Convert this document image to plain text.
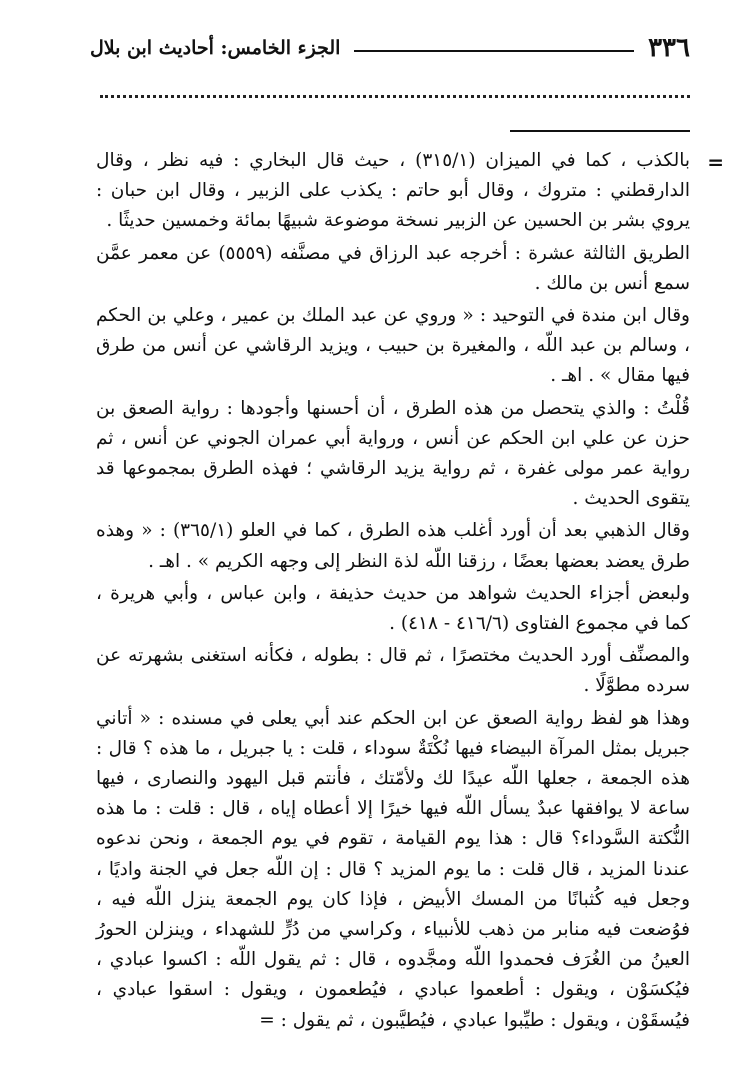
٣٣٦
الجزء الخامس: أحاديث ابن بلال
=

بالكذب ، كما في الميزان (٣١٥/١) ، حيث قال البخاري : فيه نظر ، وقال الدارقطني : متروك ، وقال أبو حاتم : يكذب على الزبير ، وقال ابن حبان : يروي بشر بن الحسين عن الزبير نسخة موضوعة شبيهًا بمائة وخمسين حديثًا .

الطريق الثالثة عشرة : أخرجه عبد الرزاق في مصنَّفه (٥٥٥٩) عن معمر عمَّن سمع أنس بن مالك .

وقال ابن مندة في التوحيد : « وروي عن عبد الملك بن عمير ، وعلي بن الحكم ، وسالم بن عبد اللّه ، والمغيرة بن حبيب ، ويزيد الرقاشي عن أنس من طرق فيها مقال » . اهـ .

قُلْتُ : والذي يتحصل من هذه الطرق ، أن أحسنها وأجودها : رواية الصعق بن حزن عن علي ابن الحكم عن أنس ، ورواية أبي عمران الجوني عن أنس ، ثم رواية عمر مولى غفرة ، ثم رواية يزيد الرقاشي ؛ فهذه الطرق بمجموعها قد يتقوى الحديث .

وقال الذهبي بعد أن أورد أغلب هذه الطرق ، كما في العلو (٣٦٥/١) : « وهذه طرق يعضد بعضها بعضًا ، رزقنا اللّه لذة النظر إلى وجهه الكريم » . اهـ .

ولبعض أجزاء الحديث شواهد من حديث حذيفة ، وابن عباس ، وأبي هريرة ، كما في مجموع الفتاوى (٤١٦/٦ - ٤١٨) .

والمصنِّف أورد الحديث مختصرًا ، ثم قال : بطوله ، فكأنه استغنى بشهرته عن سرده مطوَّلًا .

وهذا هو لفظ رواية الصعق عن ابن الحكم عند أبي يعلى في مسنده : « أتاني جبريل بمثل المرآة البيضاء فيها نُكْتَةٌ سوداء ، قلت : يا جبريل ، ما هذه ؟ قال : هذه الجمعة ، جعلها اللّه عيدًا لك ولأمّتك ، فأنتم قبل اليهود والنصارى ، فيها ساعة لا يوافقها عبدٌ يسأل اللّه فيها خيرًا إلا أعطاه إياه ، قال : قلت : ما هذه النُّكتة السَّوداء؟ قال : هذا يوم القيامة ، تقوم في يوم الجمعة ، ونحن ندعوه عندنا المزيد ، قال قلت : ما يوم المزيد ؟ قال : إن اللّه جعل في الجنة واديًا ، وجعل فيه كُثبانًا من المسك الأبيض ، فإذا كان يوم الجمعة ينزل اللّه فيه ، فوُضعت فيه منابر من ذهب للأنبياء ، وكراسي من دُرٍّ للشهداء ، وينزلن الحورُ العينُ من الغُرَف فحمدوا اللّه ومجَّدوه ، قال : ثم يقول اللّه : اكسوا عبادي ، فيُكسَوْن ، ويقول : أطعموا عبادي ، فيُطعمون ، ويقول : اسقوا عبادي ، فيُسقَوْن ، ويقول : طيِّبوا عبادي ، فيُطيَّبون ، ثم يقول : =
